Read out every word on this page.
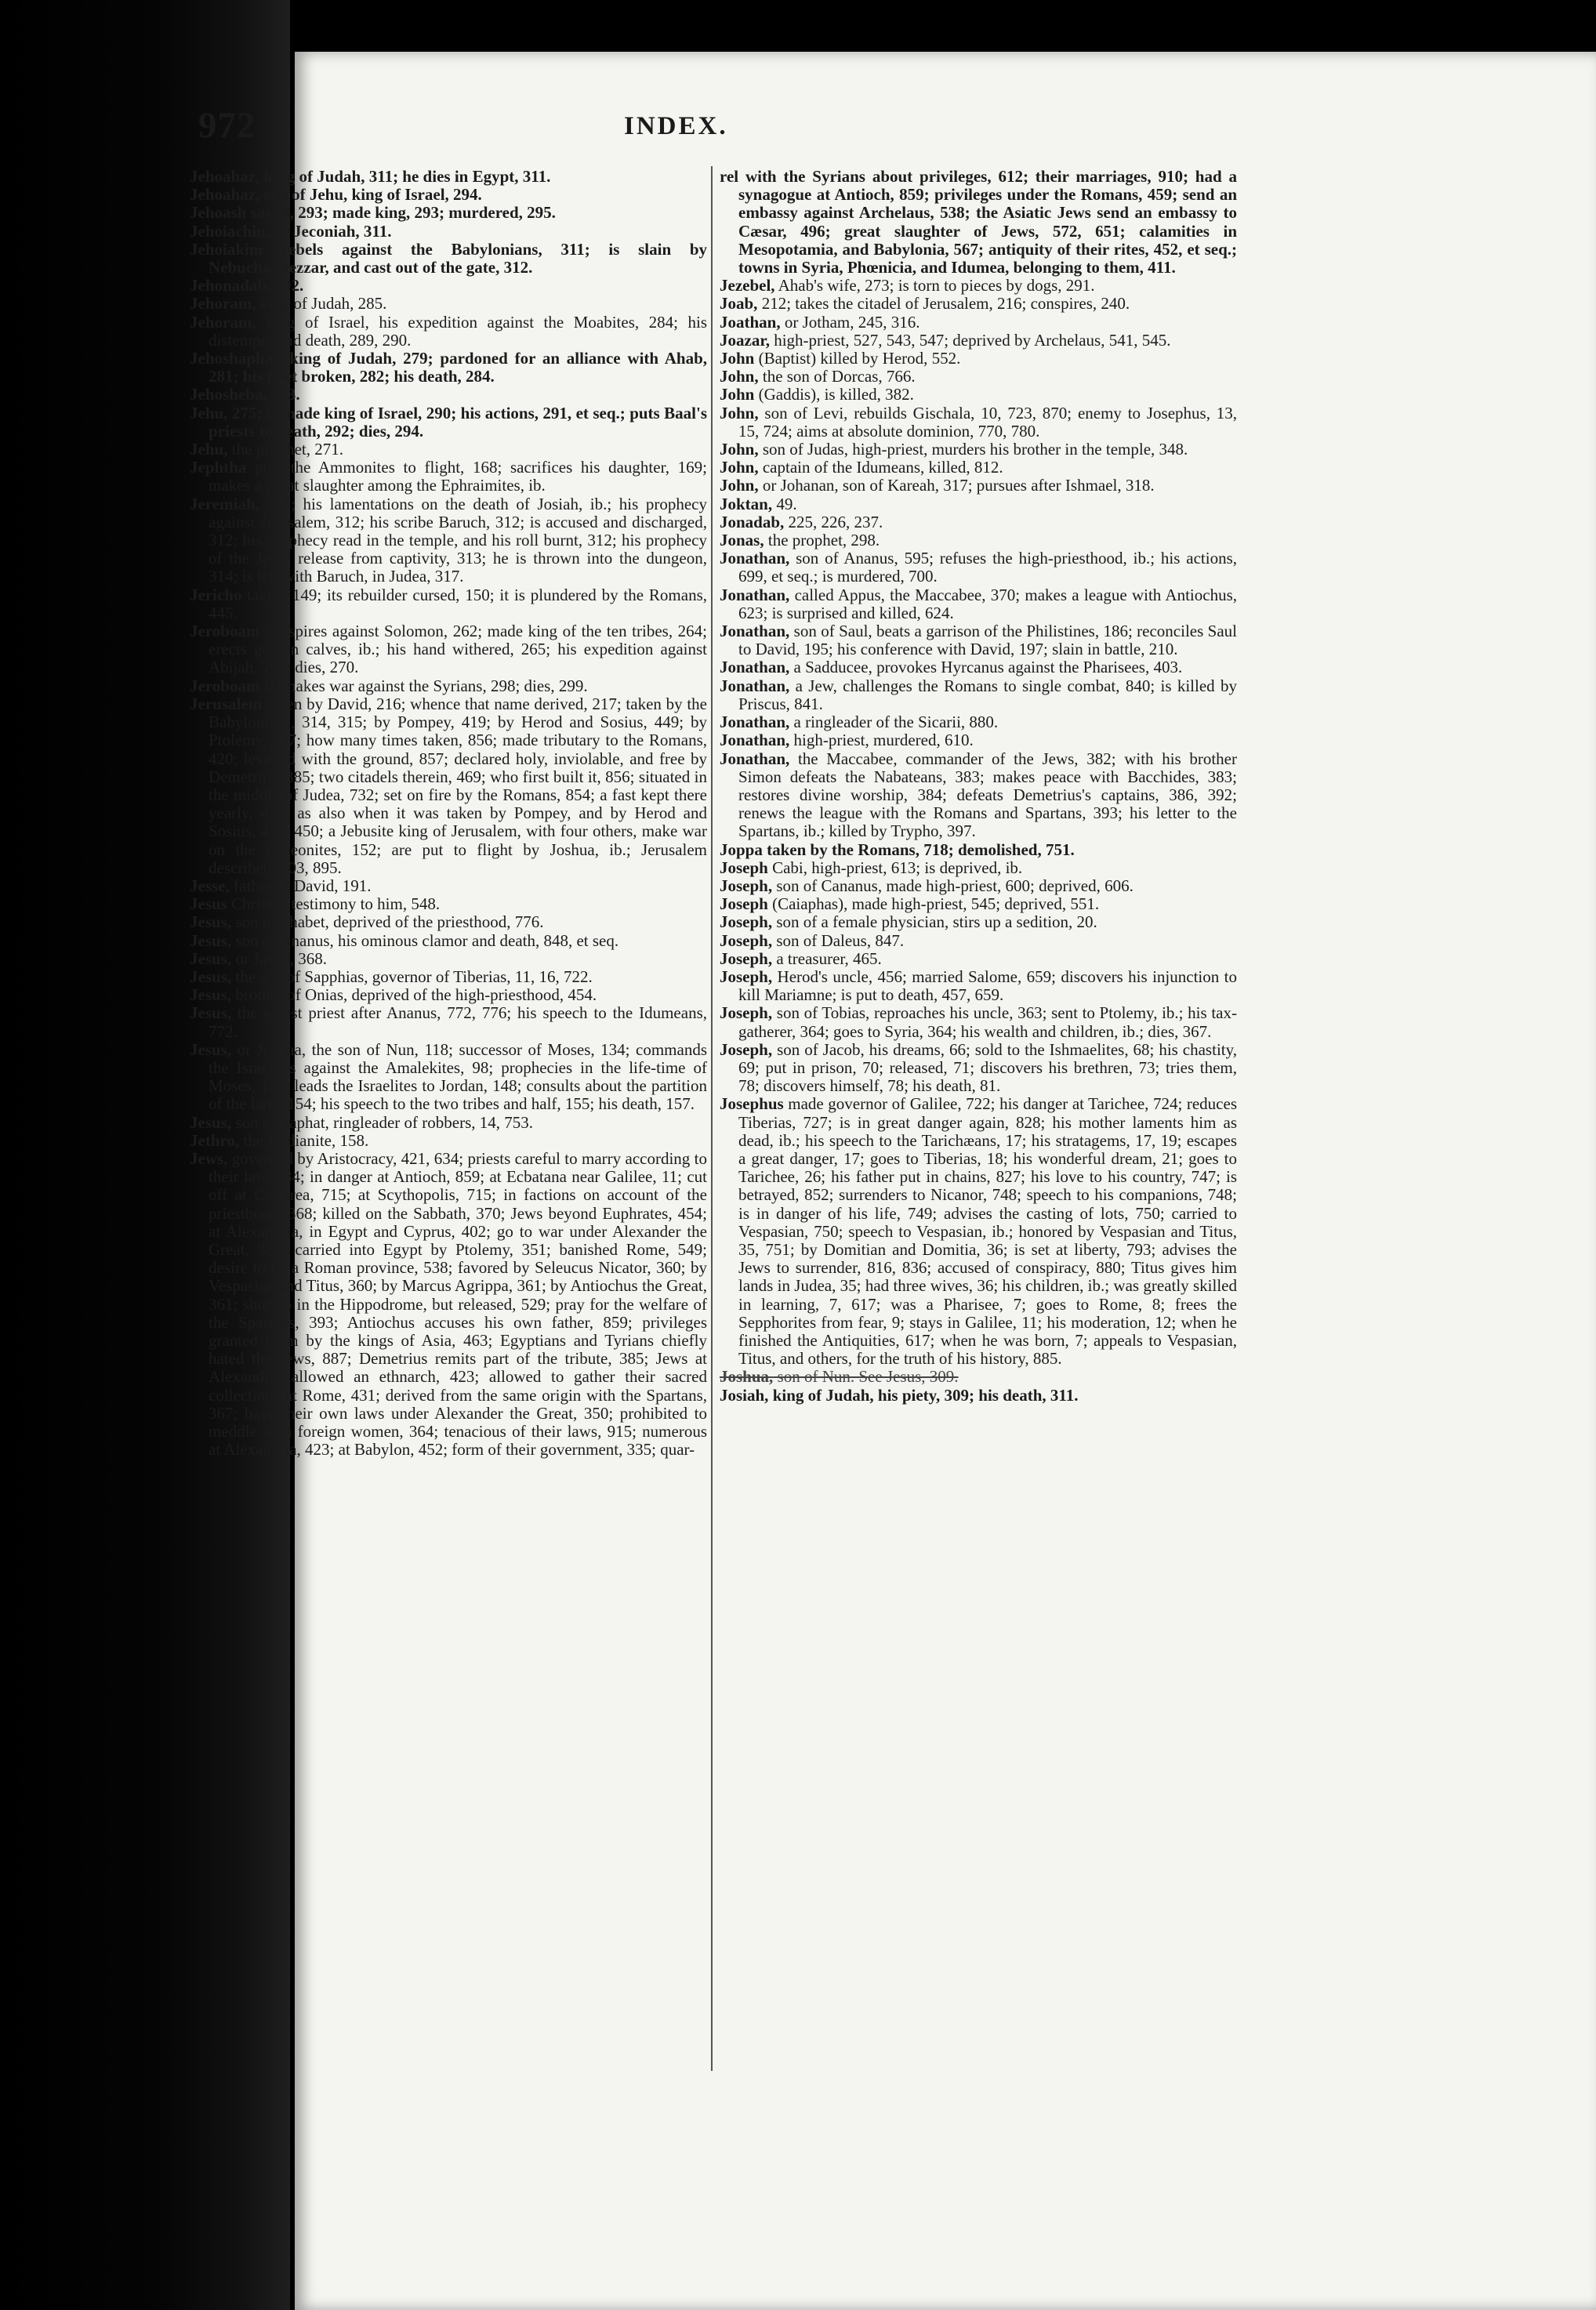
972	INDEX.

Jehoahaz, king of Judah, 311; he dies in Egypt, 311.

Jehoahaz, son of Jehu, king of Israel, 294.

Jehoash saved, 293; made king, 293; murdered, 295.

Jehoiachin, or Jeconiah, 311.

Jehoiakim rebels against the Babylonians, 311; is slain by Nebuchadnezzar, and cast out of the gate, 312.

Jehonadab, 292.

Jehoram, king of Judah, 285.

Jehoram, king of Israel, his expedition against the Moabites, 284; his distemper and death, 289, 290.

Jehoshaphat, king of Judah, 279; pardoned for an alliance with Ahab, 281; his fleet broken, 282; his death, 284.

Jehosheba, 293.

Jehu, 275; is made king of Israel, 290; his actions, 291, et seq.; puts Baal's priests to death, 292; dies, 294.

Jehu, the prophet, 271.

Jephtha puts the Ammonites to flight, 168; sacrifices his daughter, 169; makes a great slaughter among the Ephraimites, ib.

Jeremiah, 311; his lamentations on the death of Josiah, ib.; his prophecy against Jerusalem, 312; his scribe Baruch, 312; is accused and discharged, 312; his prophecy read in the temple, and his roll burnt, 312; his prophecy of the Jews' release from captivity, 313; he is thrown into the dungeon, 314; is left with Baruch, in Judea, 317.

Jericho taken, 149; its rebuilder cursed, 150; it is plundered by the Romans, 445.

Jeroboam conspires against Solomon, 262; made king of the ten tribes, 264; erects golden calves, ib.; his hand withered, 265; his expedition against Abijah, 268; dies, 270.

Jeroboam II. makes war against the Syrians, 298; dies, 299.

Jerusalem taken by David, 216; whence that name derived, 217; taken by the Babylonians, 314, 315; by Pompey, 419; by Herod and Sosius, 449; by Ptolemy, 437; how many times taken, 856; made tributary to the Romans, 420; levelled with the ground, 857; declared holy, inviolable, and free by Demetrius, 385; two citadels therein, 469; who first built it, 856; situated in the middle of Judea, 732; set on fire by the Romans, 854; a fast kept there yearly, 450; as also when it was taken by Pompey, and by Herod and Sosius, 419, 450; a Jebusite king of Jerusalem, with four others, make war on the Gibeonites, 152; are put to flight by Joshua, ib.; Jerusalem described, 803, 895.

Jesse, father of David, 191.

Jesus Christ, a testimony to him, 548.

Jesus, son of Phabet, deprived of the priesthood, 776.

Jesus, son of Ananus, his ominous clamor and death, 848, et seq.

Jesus, or Jason, 368.

Jesus, the son of Sapphias, governor of Tiberias, 11, 16, 722.

Jesus, brother of Onias, deprived of the high-priesthood, 454.

Jesus, the eldest priest after Ananus, 772, 776; his speech to the Idumeans, 772.

Jesus, or Joshua, the son of Nun, 118; successor of Moses, 134; commands the Israelites against the Amalekites, 98; prophecies in the life-time of Moses, 146; leads the Israelites to Jordan, 148; consults about the partition of the land, 154; his speech to the two tribes and half, 155; his death, 157.

Jesus, son of Saphat, ringleader of robbers, 14, 753.

Jethro, the Midianite, 158.

Jews, governed by Aristocracy, 421, 634; priests careful to marry according to their law, 884; in danger at Antioch, 859; at Ecbatana near Galilee, 11; cut off at Cæsarea, 715; at Scythopolis, 715; in factions on account of the priesthood, 368; killed on the Sabbath, 370; Jews beyond Euphrates, 454; at Alexandria, in Egypt and Cyprus, 402; go to war under Alexander the Great, 350; carried into Egypt by Ptolemy, 351; banished Rome, 549; desire to be a Roman province, 538; favored by Seleucus Nicator, 360; by Vespasian and Titus, 360; by Marcus Agrippa, 361; by Antiochus the Great, 361; shut up in the Hippodrome, but released, 529; pray for the welfare of the Spartans, 393; Antiochus accuses his own father, 859; privileges granted them by the kings of Asia, 463; Egyptians and Tyrians chiefly hated the Jews, 887; Demetrius remits part of the tribute, 385; Jews at Alexandria allowed an ethnarch, 423; allowed to gather their sacred collections at Rome, 431; derived from the same origin with the Spartans, 367; have their own laws under Alexander the Great, 350; prohibited to meddle with foreign women, 364; tenacious of their laws, 915; numerous at Alexandria, 423; at Babylon, 452; form of their government, 335; quar-

rel with the Syrians about privileges, 612; their marriages, 910; had a synagogue at Antioch, 859; privileges under the Romans, 459; send an embassy against Archelaus, 538; the Asiatic Jews send an embassy to Cæsar, 496; great slaughter of Jews, 572, 651; calamities in Mesopotamia, and Babylonia, 567; antiquity of their rites, 452, et seq.; towns in Syria, Phœnicia, and Idumea, belonging to them, 411.

Jezebel, Ahab's wife, 273; is torn to pieces by dogs, 291.

Joab, 212; takes the citadel of Jerusalem, 216; conspires, 240.

Joathan, or Jotham, 245, 316.

Joazar, high-priest, 527, 543, 547; deprived by Archelaus, 541, 545.

John (Baptist) killed by Herod, 552.

John, the son of Dorcas, 766.

John (Gaddis), is killed, 382.

John, son of Levi, rebuilds Gischala, 10, 723, 870; enemy to Josephus, 13, 15, 724; aims at absolute dominion, 770, 780.

John, son of Judas, high-priest, murders his brother in the temple, 348.

John, captain of the Idumeans, killed, 812.

John, or Johanan, son of Kareah, 317; pursues after Ishmael, 318.

Joktan, 49.

Jonadab, 225, 226, 237.

Jonas, the prophet, 298.

Jonathan, son of Ananus, 595; refuses the high-priesthood, ib.; his actions, 699, et seq.; is murdered, 700.

Jonathan, called Appus, the Maccabee, 370; makes a league with Antiochus, 623; is surprised and killed, 624.

Jonathan, son of Saul, beats a garrison of the Philistines, 186; reconciles Saul to David, 195; his conference with David, 197; slain in battle, 210.

Jonathan, a Sadducee, provokes Hyrcanus against the Pharisees, 403.

Jonathan, a Jew, challenges the Romans to single combat, 840; is killed by Priscus, 841.

Jonathan, a ringleader of the Sicarii, 880.

Jonathan, high-priest, murdered, 610.

Jonathan, the Maccabee, commander of the Jews, 382; with his brother Simon defeats the Nabateans, 383; makes peace with Bacchides, 383; restores divine worship, 384; defeats Demetrius's captains, 386, 392; renews the league with the Romans and Spartans, 393; his letter to the Spartans, ib.; killed by Trypho, 397.

Joppa taken by the Romans, 718; demolished, 751.

Joseph Cabi, high-priest, 613; is deprived, ib.

Joseph, son of Cananus, made high-priest, 600; deprived, 606.

Joseph (Caiaphas), made high-priest, 545; deprived, 551.

Joseph, son of a female physician, stirs up a sedition, 20.

Joseph, son of Daleus, 847.

Joseph, a treasurer, 465.

Joseph, Herod's uncle, 456; married Salome, 659; discovers his injunction to kill Mariamne; is put to death, 457, 659.

Joseph, son of Tobias, reproaches his uncle, 363; sent to Ptolemy, ib.; his tax-gatherer, 364; goes to Syria, 364; his wealth and children, ib.; dies, 367.

Joseph, son of Jacob, his dreams, 66; sold to the Ishmaelites, 68; his chastity, 69; put in prison, 70; released, 71; discovers his brethren, 73; tries them, 78; discovers himself, 78; his death, 81.

Josephus made governor of Galilee, 722; his danger at Tarichee, 724; reduces Tiberias, 727; is in great danger again, 828; his mother laments him as dead, ib.; his speech to the Tarichæans, 17; his stratagems, 17, 19; escapes a great danger, 17; goes to Tiberias, 18; his wonderful dream, 21; goes to Tarichee, 26; his father put in chains, 827; his love to his country, 747; is betrayed, 852; surrenders to Nicanor, 748; speech to his companions, 748; is in danger of his life, 749; advises the casting of lots, 750; carried to Vespasian, 750; speech to Vespasian, ib.; honored by Vespasian and Titus, 35, 751; by Domitian and Domitia, 36; is set at liberty, 793; advises the Jews to surrender, 816, 836; accused of conspiracy, 880; Titus gives him lands in Judea, 35; had three wives, 36; his children, ib.; was greatly skilled in learning, 7, 617; was a Pharisee, 7; goes to Rome, 8; frees the Sepphorites from fear, 9; stays in Galilee, 11; his moderation, 12; when he finished the Antiquities, 617; when he was born, 7; appeals to Vespasian, Titus, and others, for the truth of his history, 885.

Joshua, son of Nun. See Jesus, 309.

Josiah, king of Judah, his piety, 309; his death, 311.
